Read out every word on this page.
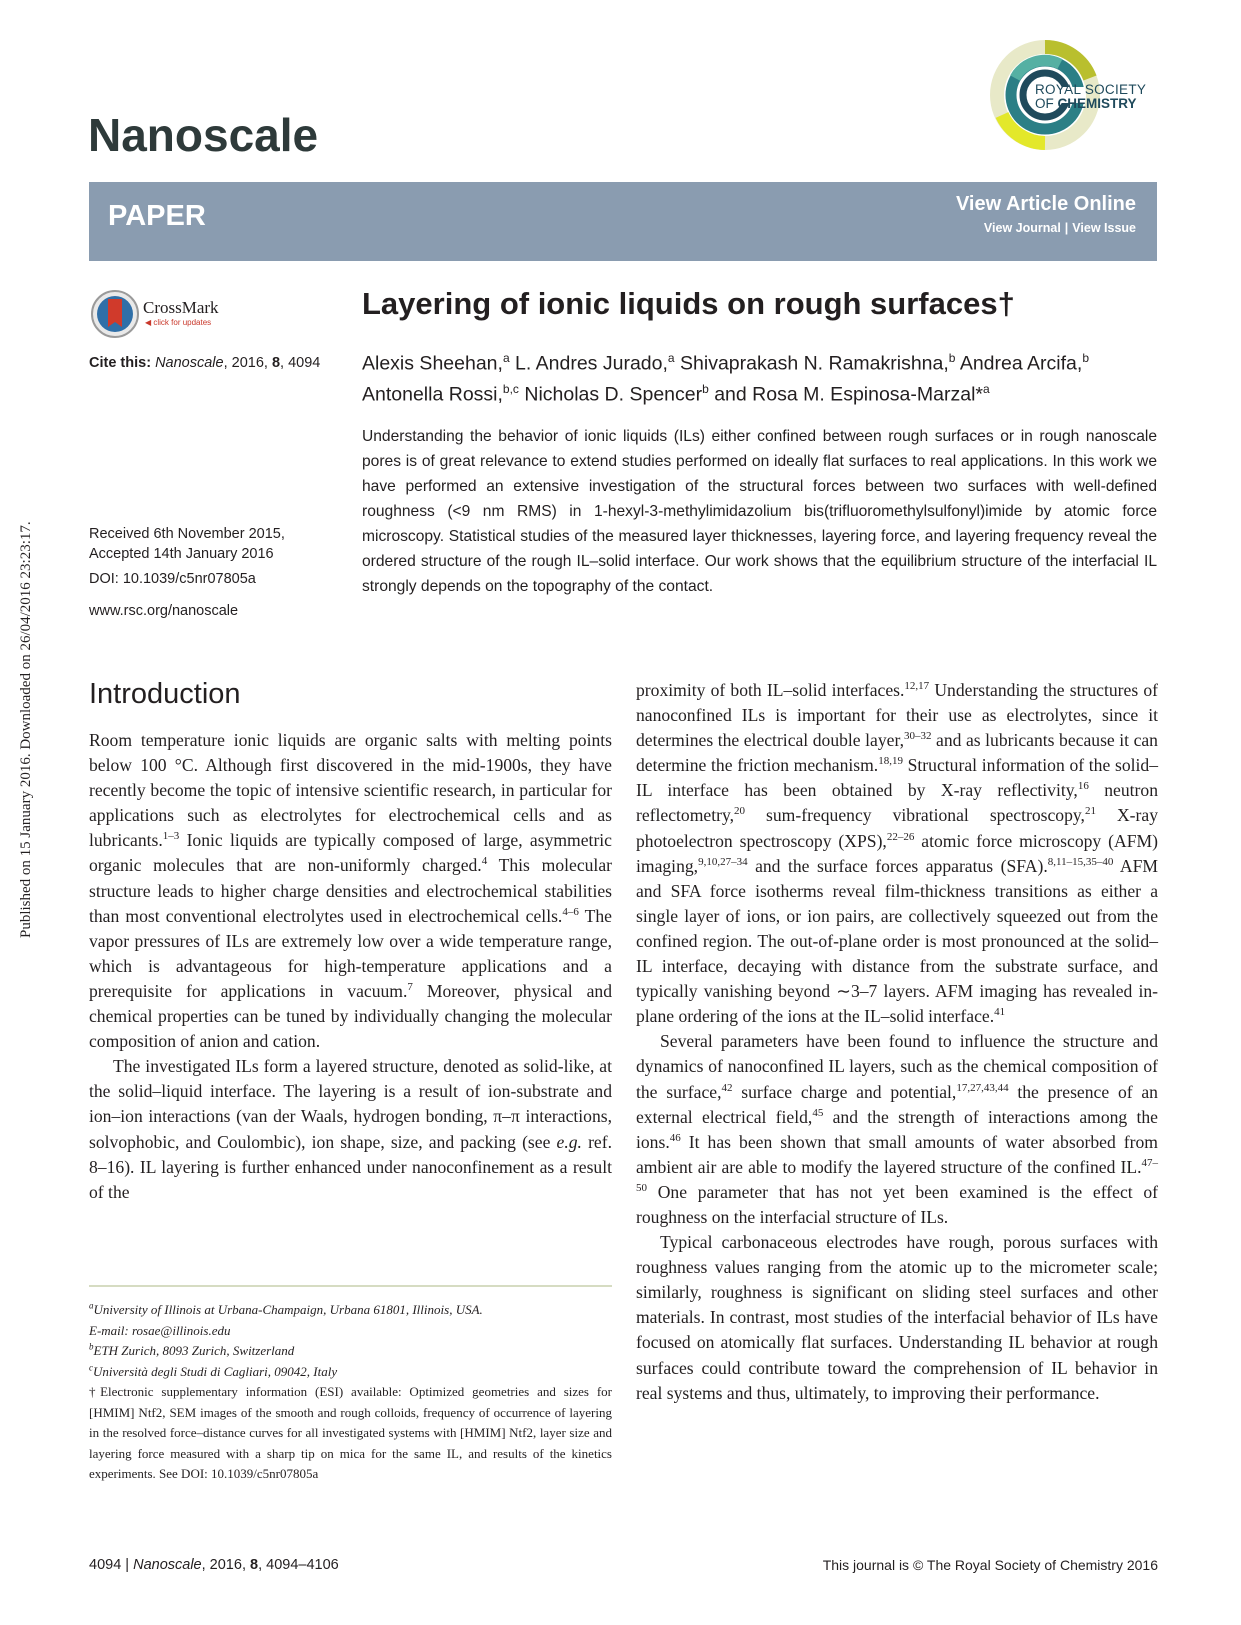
Published on 15 January 2016. Downloaded on 26/04/2016 23:23:17.
Nanoscale
ROYAL SOCIETY
OF CHEMISTRY
PAPER	View Article Online
View Journal | View Issue
CrossMark
◀ click for updates
Cite this: Nanoscale, 2016, 8, 4094
Layering of ionic liquids on rough surfaces†
Alexis Sheehan,$^a$ L. Andres Jurado,$^a$ Shivaprakash N. Ramakrishna,$^b$ Andrea Arcifa,$^b$
Antonella Rossi,$^{b,c}$ Nicholas D. Spencer$^b$ and Rosa M. Espinosa-Marzal*$^a$
Received 6th November 2015,
Accepted 14th January 2016
DOI: 10.1039/c5nr07805a
www.rsc.org/nanoscale
Understanding the behavior of ionic liquids (ILs) either confined between rough surfaces or in rough nanoscale pores is of great relevance to extend studies performed on ideally flat surfaces to real applications. In this work we have performed an extensive investigation of the structural forces between two surfaces with well-defined roughness (<9 nm RMS) in 1-hexyl-3-methylimidazolium bis(trifluoromethylsulfonyl)imide by atomic force microscopy. Statistical studies of the measured layer thicknesses, layering force, and layering frequency reveal the ordered structure of the rough IL–solid interface. Our work shows that the equilibrium structure of the interfacial IL strongly depends on the topography of the contact.
Introduction

Room temperature ionic liquids are organic salts with melting points below 100 °C. Although first discovered in the mid-1900s, they have recently become the topic of intensive scientific research, in particular for applications such as electrolytes for electrochemical cells and as lubricants.$^{1-3}$ Ionic liquids are typically composed of large, asymmetric organic molecules that are non-uniformly charged.$^4$ This molecular structure leads to higher charge densities and electrochemical stabilities than most conventional electrolytes used in electrochemical cells.$^{4-6}$ The vapor pressures of ILs are extremely low over a wide temperature range, which is advantageous for high-temperature applications and a prerequisite for applications in vacuum.$^7$ Moreover, physical and chemical properties can be tuned by individually changing the molecular composition of anion and cation.

The investigated ILs form a layered structure, denoted as solid-like, at the solid–liquid interface. The layering is a result of ion-substrate and ion–ion interactions (van der Waals, hydrogen bonding, π–π interactions, solvophobic, and Coulombic), ion shape, size, and packing (see e.g. ref. 8–16). IL layering is further enhanced under nanoconfinement as a result of the

proximity of both IL–solid interfaces.$^{12,17}$ Understanding the structures of nanoconfined ILs is important for their use as electrolytes, since it determines the electrical double layer,$^{30-32}$ and as lubricants because it can determine the friction mechanism.$^{18,19}$ Structural information of the solid–IL interface has been obtained by X-ray reflectivity,$^{16}$ neutron reflectometry,$^{20}$ sum-frequency vibrational spectroscopy,$^{21}$ X-ray photoelectron spectroscopy (XPS),$^{22-26}$ atomic force microscopy (AFM) imaging,$^{9,10,27-34}$ and the surface forces apparatus (SFA).$^{8,11-15,35-40}$ AFM and SFA force isotherms reveal film-thickness transitions as either a single layer of ions, or ion pairs, are collectively squeezed out from the confined region. The out-of-plane order is most pronounced at the solid–IL interface, decaying with distance from the substrate surface, and typically vanishing beyond ∼3–7 layers. AFM imaging has revealed in-plane ordering of the ions at the IL–solid interface.$^{41}$

Several parameters have been found to influence the structure and dynamics of nanoconfined IL layers, such as the chemical composition of the surface,$^{42}$ surface charge and potential,$^{17,27,43,44}$ the presence of an external electrical field,$^{45}$ and the strength of interactions among the ions.$^{46}$ It has been shown that small amounts of water absorbed from ambient air are able to modify the layered structure of the confined IL.$^{47-50}$ One parameter that has not yet been examined is the effect of roughness on the interfacial structure of ILs.

Typical carbonaceous electrodes have rough, porous surfaces with roughness values ranging from the atomic up to the micrometer scale; similarly, roughness is significant on sliding steel surfaces and other materials. In contrast, most studies of the interfacial behavior of ILs have focused on atomically flat surfaces. Understanding IL behavior at rough surfaces could contribute toward the comprehension of IL behavior in real systems and thus, ultimately, to improving their performance.

$^a$University of Illinois at Urbana-Champaign, Urbana 61801, Illinois, USA.

E-mail: rosae@illinois.edu

$^b$ETH Zurich, 8093 Zurich, Switzerland

$^c$Università degli Studi di Cagliari, 09042, Italy

†Electronic supplementary information (ESI) available: Optimized geometries and sizes for [HMIM] Ntf2, SEM images of the smooth and rough colloids, frequency of occurrence of layering in the resolved force–distance curves for all investigated systems with [HMIM] Ntf2, layer size and layering force measured with a sharp tip on mica for the same IL, and results of the kinetics experiments. See DOI: 10.1039/c5nr07805a

4094 | Nanoscale, 2016, 8, 4094–4106	This journal is © The Royal Society of Chemistry 2016
